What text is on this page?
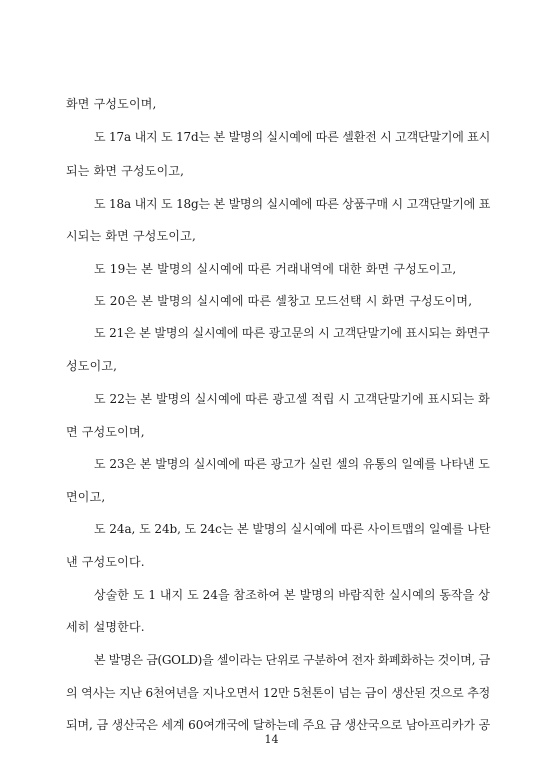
화면 구성도이며,
도 17a 내지 도 17d는 본 발명의 실시예에 따른 셀환전 시 고객단말기에 표시
되는 화면 구성도이고,
도 18a 내지 도 18g는 본 발명의 실시예에 따른 상품구매 시 고객단말기에 표
시되는 화면 구성도이고,
도 19는 본 발명의 실시예에 따른 거래내역에 대한 화면 구성도이고,
도 20은 본 발명의 실시예에 따른 셀창고 모드선택 시 화면 구성도이며,
도 21은 본 발명의 실시예에 따른 광고문의 시 고객단말기에 표시되는 화면구
성도이고,
도 22는 본 발명의 실시예에 따른 광고셀 적립 시 고객단말기에 표시되는 화
면 구성도이며,
도 23은 본 발명의 실시예에 따른 광고가 실린 셀의 유통의 일예를 나타낸 도
면이고,
도 24a, 도 24b, 도 24c는 본 발명의 실시예에 따른 사이트맵의 일예를 나탄
낸 구성도이다.
상술한 도 1 내지 도 24을 참조하여 본 발명의 바람직한 실시예의 동작을 상
세히 설명한다.
본 발명은 금(GOLD)을 셀이라는 단위로 구분하여 전자 화폐화하는 것이며, 금
의 역사는 지난 6천여년을 지나오면서 12만 5천톤이 넘는 금이 생산된 것으로 추정
되며, 금 생산국은 세계 60여개국에 달하는데 주요 금 생산국으로 남아프리카가 공
14
